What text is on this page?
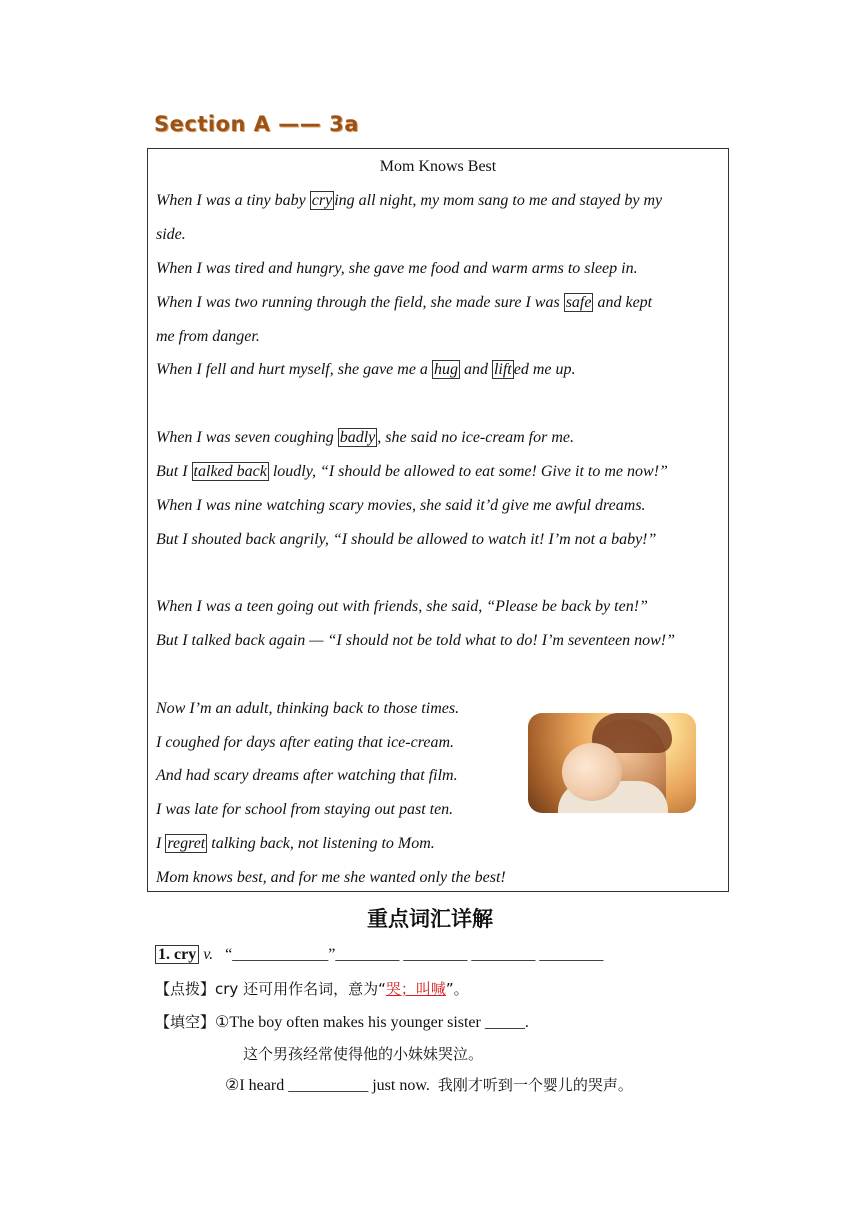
Section A —— 3a
Mom Knows Best
When I was a tiny baby cry ing all night, my mom sang to me and stayed by my
side.
When I was tired and hungry, she gave me food and warm arms to sleep in.
When I was two running through the field, she made sure I was safe and kept
me from danger.
When I fell and hurt myself, she gave me a hug and lift ed me up.
When I was seven coughing badly , she said no ice-cream for me.
But I talked back loudly, “I should be allowed to eat some! Give it to me now!”
When I was nine watching scary movies, she said it’d give me awful dreams.
But I shouted back angrily, “I should be allowed to watch it! I’m not a baby!”
When I was a teen going out with friends, she said, “Please be back by ten!”
But I talked back again — “I should not be told what to do! I’m seventeen now!”
Now I’m an adult, thinking back to those times.
I coughed for days after eating that ice-cream.
And had scary dreams after watching that film.
I was late for school from staying out past ten.
I regret talking back, not listening to Mom.
Mom knows best, and for me she wanted only the best!
重点词汇详解
1. cry v. “____________”________ ________ ________ ________
【点拨】cry 还可用作名词，意为“哭；叫喊”。
【填空】①The boy often makes his younger sister _____.
这个男孩经常使得他的小妹妹哭泣。
②I heard __________ just now. 我刚才听到一个婴儿的哭声。
